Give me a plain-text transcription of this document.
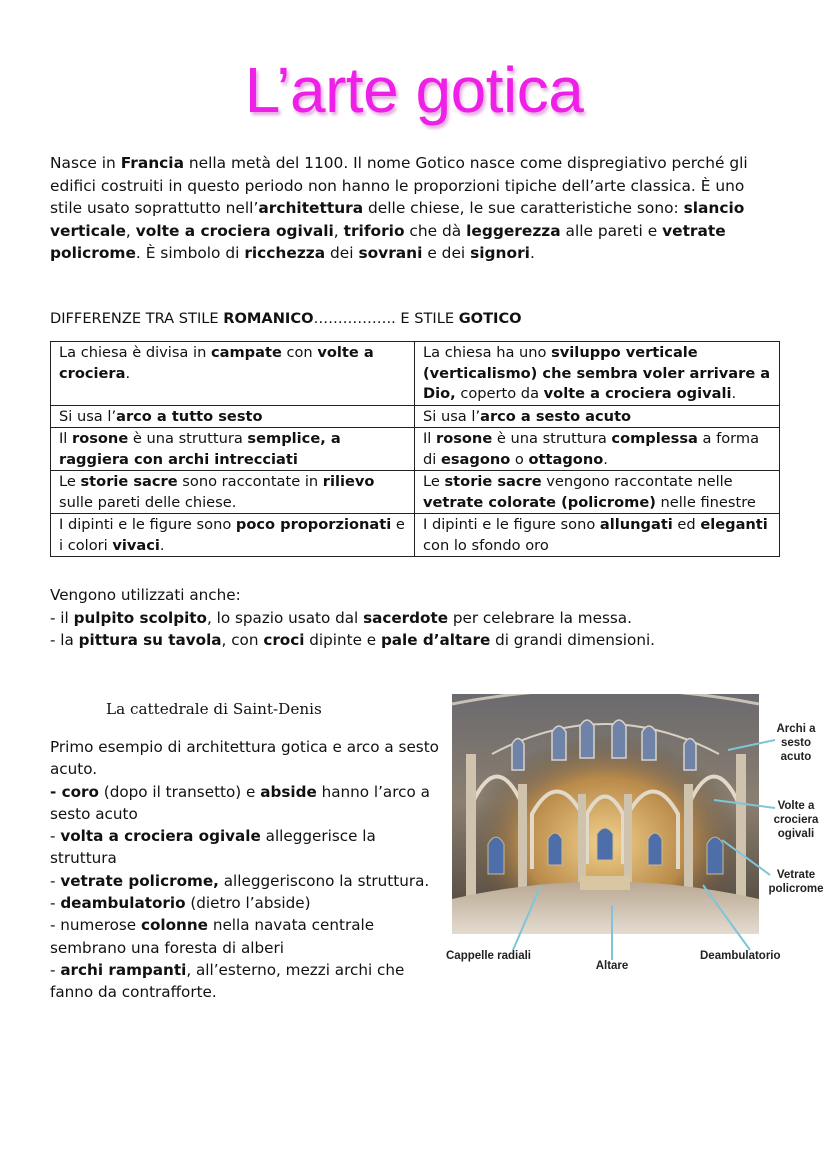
L’arte gotica

Nasce in Francia nella metà del 1100. Il nome Gotico nasce come dispregiativo perché gli edifici costruiti in questo periodo non hanno le proporzioni tipiche dell’arte classica. È uno stile usato soprattutto nell’architettura delle chiese, le sue caratteristiche sono: slancio verticale, volte a crociera ogivali, triforio che dà leggerezza alle pareti e vetrate policrome. È simbolo di ricchezza dei sovrani e dei signori.

DIFFERENZE TRA STILE ROMANICO…………….. E STILE GOTICO

La chiesa è divisa in campate con volte a crociera.	La chiesa ha uno sviluppo verticale (verticalismo) che sembra voler arrivare a Dio, coperto da volte a crociera ogivali.
Si usa l’arco a tutto sesto	Si usa l’arco a sesto acuto
Il rosone è una struttura semplice, a raggiera con archi intrecciati	Il rosone è una struttura complessa a forma di esagono o ottagono.
Le storie sacre sono raccontate in rilievo sulle pareti delle chiese.	Le storie sacre vengono raccontate nelle vetrate colorate (policrome) nelle finestre
I dipinti e le figure sono poco proporzionati e i colori vivaci.	I dipinti e le figure sono allungati ed eleganti con lo sfondo oro
Vengono utilizzati anche:
- il pulpito scolpito, lo spazio usato dal sacerdote per celebrare la messa.
- la pittura su tavola, con croci dipinte e pale d’altare di grandi dimensioni.
La cattedrale di Saint-Denis
Primo esempio di architettura gotica e arco a sesto acuto.
- coro (dopo il transetto) e abside hanno l’arco a sesto acuto
- volta a crociera ogivale alleggerisce la struttura
- vetrate policrome, alleggeriscono la struttura.
- deambulatorio (dietro l’abside)
- numerose colonne nella navata centrale sembrano una foresta di alberi
- archi rampanti, all’esterno, mezzi archi che fanno da contrafforte.
Archi a sesto acuto
Volte a crociera ogivali
Vetrate policrome
Cappelle radiali
Altare
Deambulatorio
